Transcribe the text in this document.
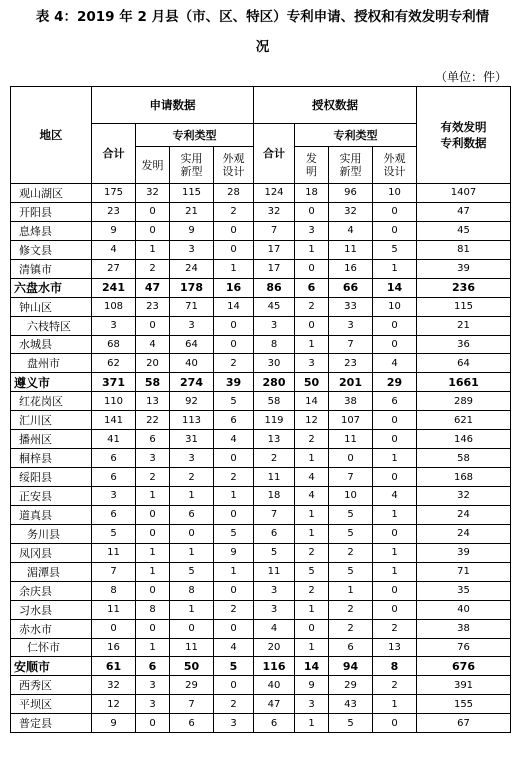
表 4：2019 年 2 月县（市、区、特区）专利申请、授权和有效发明专利情
况
（单位：件）
地区	申请数据				授权数据				有效发明专利数据
	合计	专利类型			合计	专利类型			
		发明	实用新型	外观设计		发明	实用新型	外观设计	
观山湖区	175	32	115	28	124	18	96	10	1407
开阳县	23	0	21	2	32	0	32	0	47
息烽县	9	0	9	0	7	3	4	0	45
修文县	4	1	3	0	17	1	11	5	81
清镇市	27	2	24	1	17	0	16	1	39
六盘水市	241	47	178	16	86	6	66	14	236
钟山区	108	23	71	14	45	2	33	10	115
六枝特区	3	0	3	0	3	0	3	0	21
水城县	68	4	64	0	8	1	7	0	36
盘州市	62	20	40	2	30	3	23	4	64
遵义市	371	58	274	39	280	50	201	29	1661
红花岗区	110	13	92	5	58	14	38	6	289
汇川区	141	22	113	6	119	12	107	0	621
播州区	41	6	31	4	13	2	11	0	146
桐梓县	6	3	3	0	2	1	0	1	58
绥阳县	6	2	2	2	11	4	7	0	168
正安县	3	1	1	1	18	4	10	4	32
道真县	6	0	6	0	7	1	5	1	24
务川县	5	0	0	5	6	1	5	0	24
凤冈县	11	1	1	9	5	2	2	1	39
湄潭县	7	1	5	1	11	5	5	1	71
余庆县	8	0	8	0	3	2	1	0	35
习水县	11	8	1	2	3	1	2	0	40
赤水市	0	0	0	0	4	0	2	2	38
仁怀市	16	1	11	4	20	1	6	13	76
安顺市	61	6	50	5	116	14	94	8	676
西秀区	32	3	29	0	40	9	29	2	391
平坝区	12	3	7	2	47	3	43	1	155
普定县	9	0	6	3	6	1	5	0	67
